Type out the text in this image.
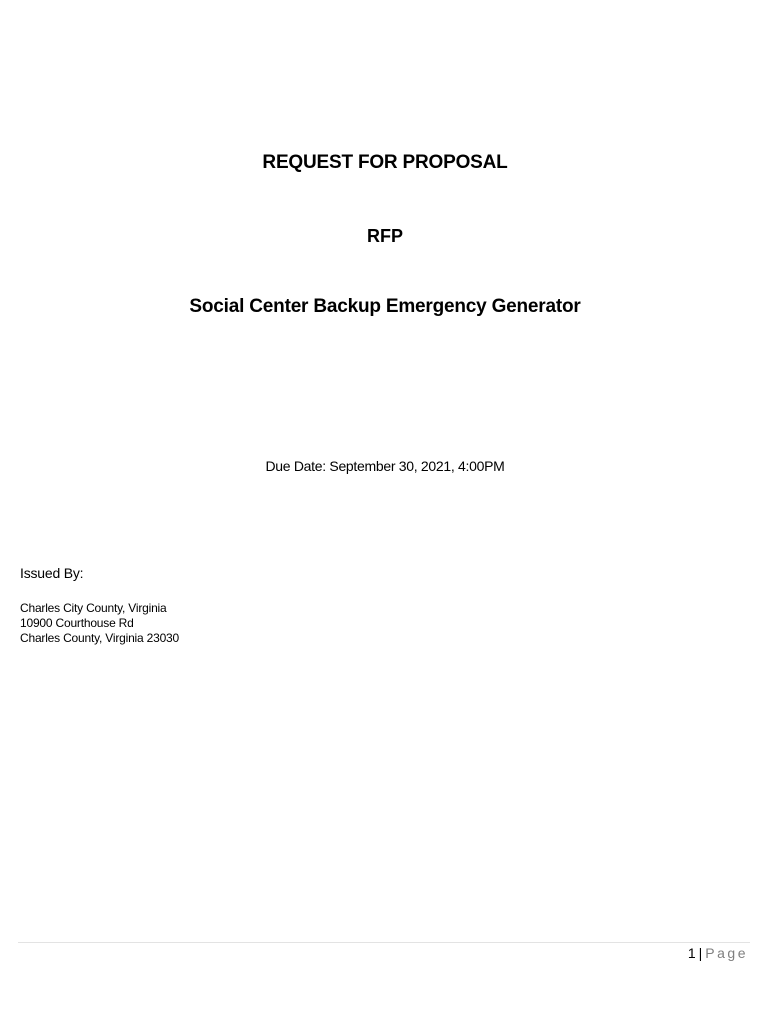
REQUEST FOR PROPOSAL
RFP
Social Center Backup Emergency Generator
Due Date: September 30, 2021, 4:00PM
Issued By:
Charles City County, Virginia
10900 Courthouse Rd
Charles County, Virginia 23030
1 | Page
